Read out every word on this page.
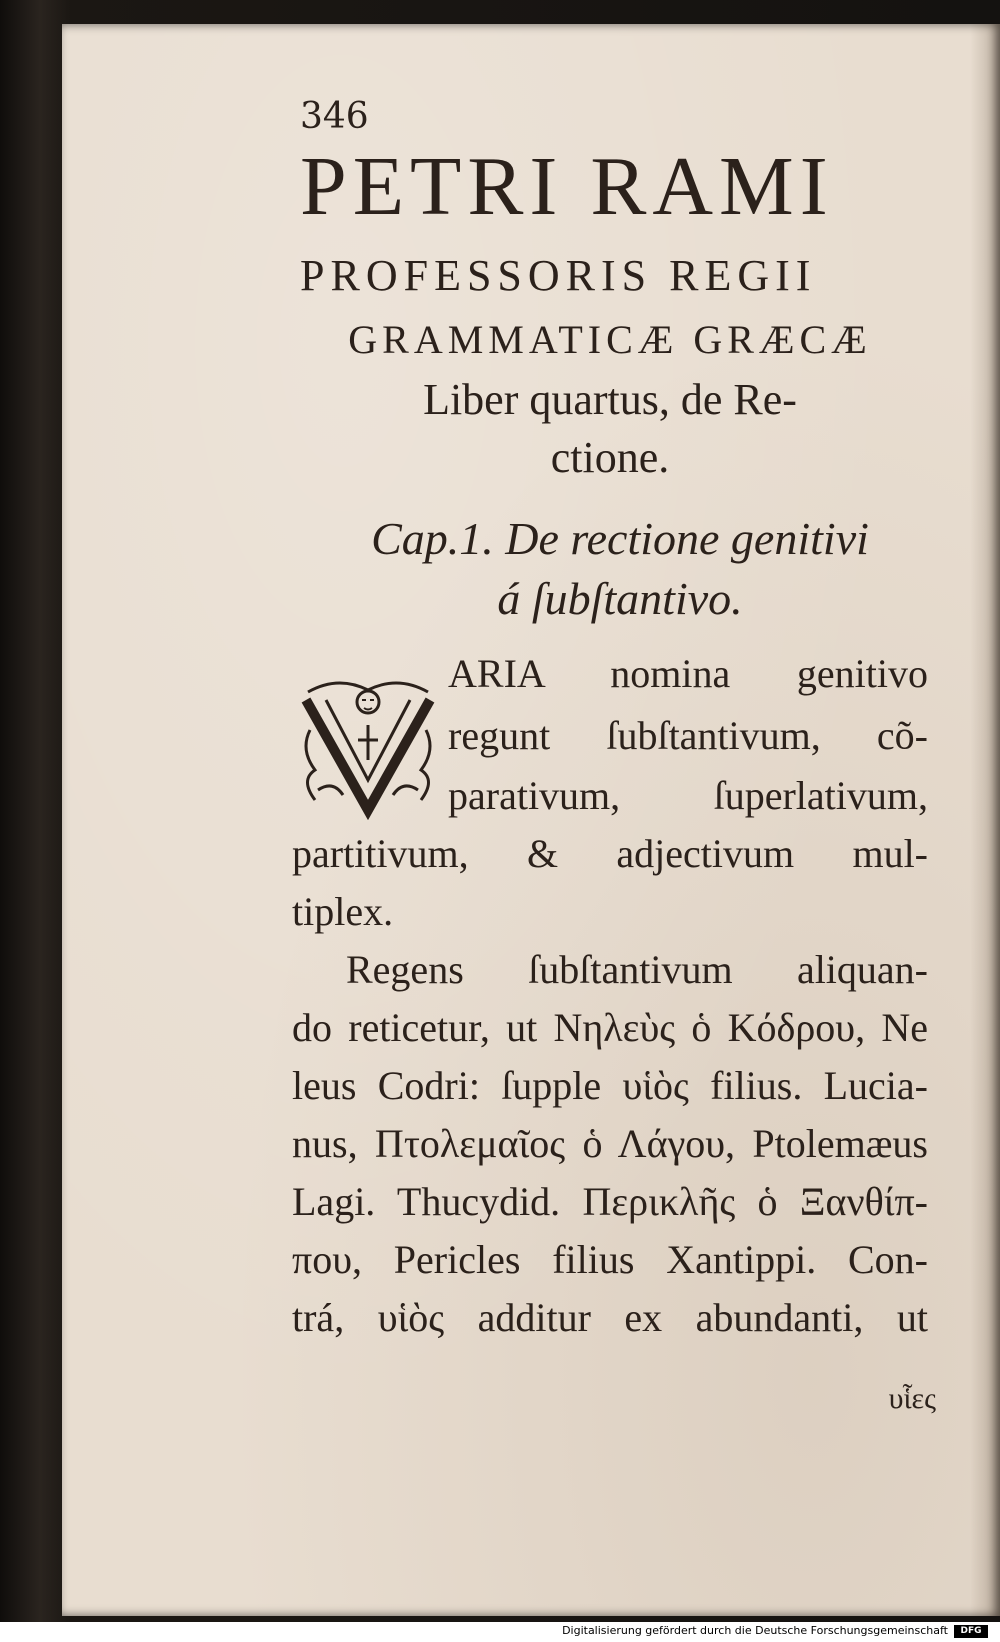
346
PETRI RAMI
PROFESSORIS REGII
GRAMMATICÆ GRÆCÆ
Liber quartus, de Re-
ctione.
Cap.1. De rectione genitivi
á ſubſtantivo.
ARIA nomina genitivo
regunt ſubſtantivum, cõ-
parativum, ſuperlativum,
partitivum, & adjectivum mul-
tiplex.
Regens ſubſtantivum aliquan-
do reticetur, ut Νηλεὺς ὁ Κόδρου, Ne
leus Codri: ſupple υἱὸς filius. Lucia-
nus, Πτολεμαῖος ὁ Λάγου, Ptolemæus
Lagi. Thucydid. Περικλῆς ὁ Ξανθίπ-
που, Pericles filius Xantippi. Con-
trá, υἱὸς additur ex abundanti, ut
υἷες
Digitalisierung gefördert durch die Deutsche Forschungsgemeinschaft	DFG
